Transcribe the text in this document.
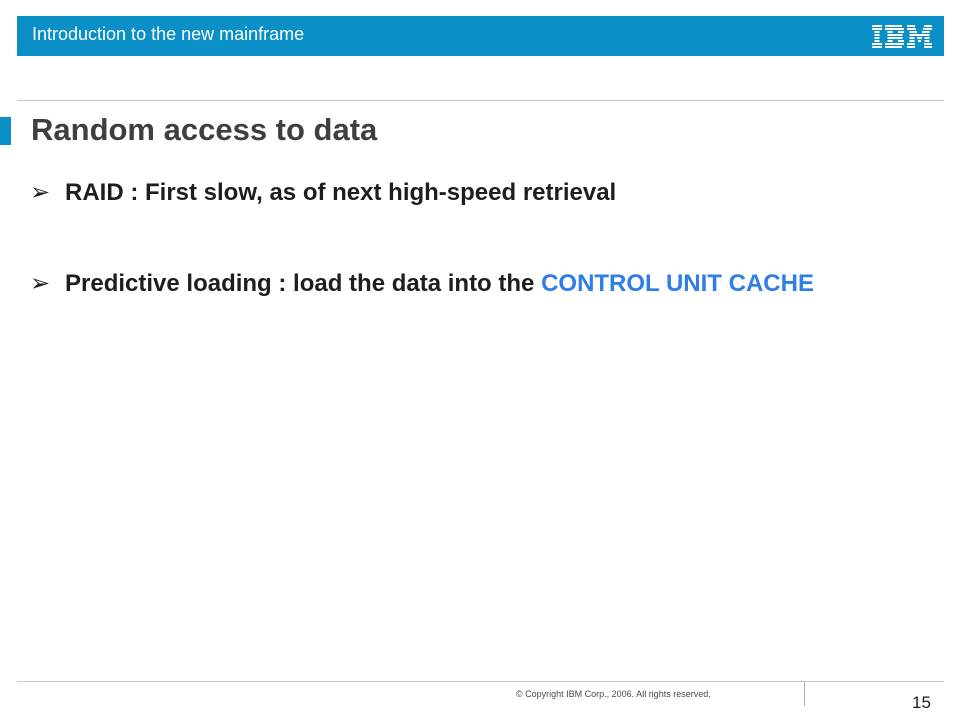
Introduction to the new mainframe
Random access to data
➢ RAID : First slow, as of next high-speed retrieval
➢ Predictive loading : load the data into the CONTROL UNIT CACHE
© Copyright IBM Corp., 2006. All rights reserved.	15
